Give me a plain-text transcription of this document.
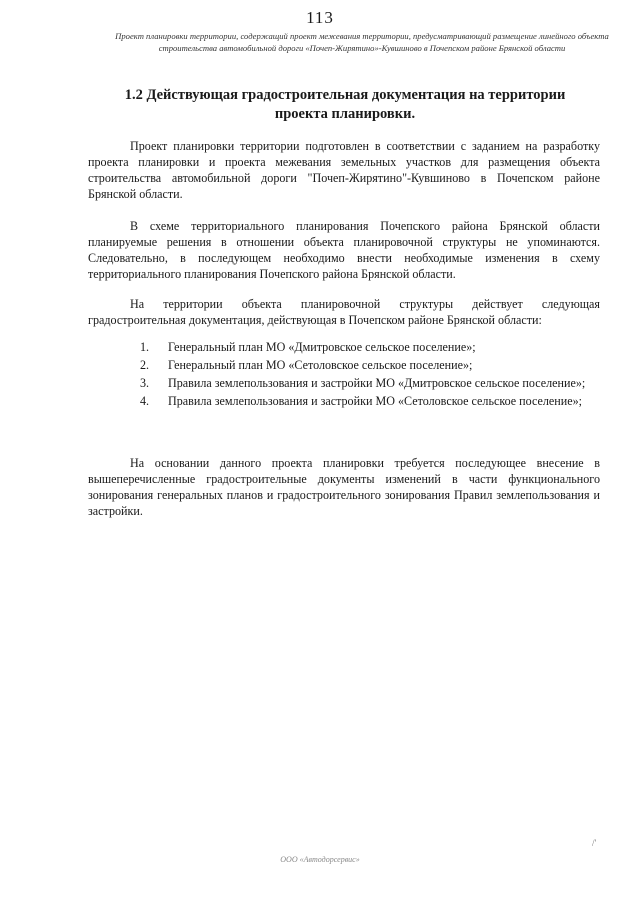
113
Проект планировки территории, содержащий проект межевания территории, предусматривающий размещение линейного объекта строительства автомобильной дороги «Почеп-Жирятино»-Кувшиново в Почепском районе Брянской области
1.2 Действующая градостроительная документация на территории проекта планировки.

Проект планировки территории подготовлен в соответствии с заданием на разработку проекта планировки и проекта межевания земельных участков для размещения объекта строительства автомобильной дороги "Почеп-Жирятино"-Кувшиново в Почепском районе Брянской области.

В схеме территориального планирования Почепского района Брянской области планируемые решения в отношении объекта планировочной структуры не упоминаются. Следовательно, в последующем необходимо внести необходимые изменения в схему территориального планирования Почепского района Брянской области.

На территории объекта планировочной структуры действует следующая градостроительная документация, действующая в Почепском районе Брянской области:

1. Генеральный план МО «Дмитровское сельское поселение»;
2. Генеральный план МО «Сетоловское сельское поселение»;
3. Правила землепользования и застройки МО «Дмитровское сельское поселение»;
4. Правила землепользования и застройки МО «Сетоловское сельское поселение»;

На основании данного проекта планировки требуется последующее внесение в вышеперечисленные градостроительные документы изменений в части функционального зонирования генеральных планов и градостроительного зонирования Правил землепользования и застройки.

/'
ООО «Автодорсервис»
